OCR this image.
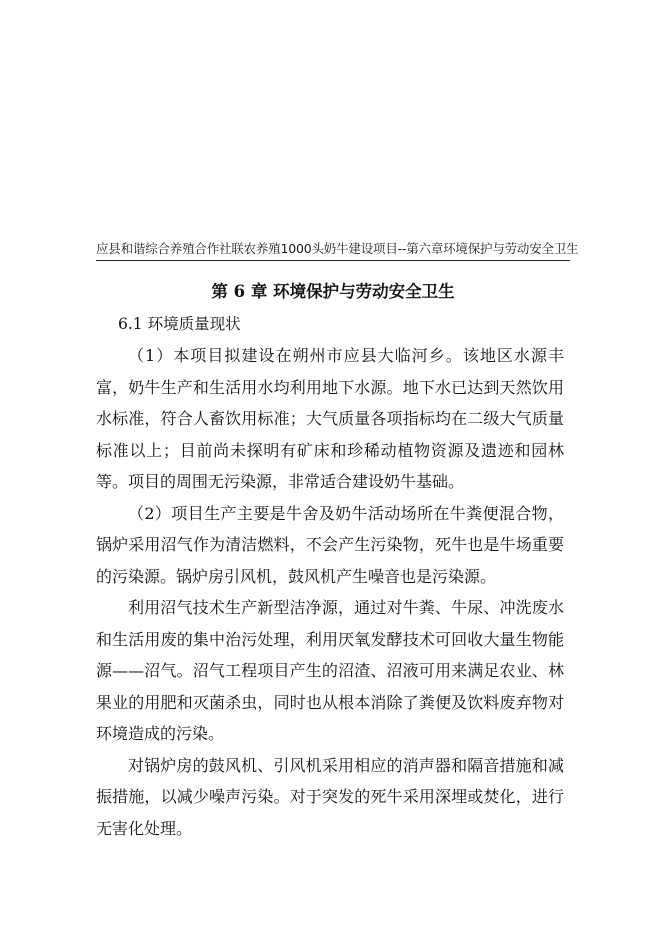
应县和谐综合养殖合作社联农养殖1000头奶牛建设项目--第六章环境保护与劳动安全卫生
第 6 章 环境保护与劳动安全卫生
6.1 环境质量现状

（1）本项目拟建设在朔州市应县大临河乡。该地区水源丰富，奶牛生产和生活用水均利用地下水源。地下水已达到天然饮用水标准，符合人畜饮用标准；大气质量各项指标均在二级大气质量标准以上；目前尚未探明有矿床和珍稀动植物资源及遗迹和园林等。项目的周围无污染源，非常适合建设奶牛基础。

（2）项目生产主要是牛舍及奶牛活动场所在牛粪便混合物，锅炉采用沼气作为清洁燃料，不会产生污染物，死牛也是牛场重要的污染源。锅炉房引风机，鼓风机产生噪音也是污染源。

利用沼气技术生产新型洁净源，通过对牛粪、牛尿、冲洗废水和生活用废的集中治污处理，利用厌氧发酵技术可回收大量生物能源——沼气。沼气工程项目产生的沼渣、沼液可用来满足农业、林果业的用肥和灭菌杀虫，同时也从根本消除了粪便及饮料废弃物对环境造成的污染。

对锅炉房的鼓风机、引风机采用相应的消声器和隔音措施和减振措施，以减少噪声污染。对于突发的死牛采用深埋或焚化，进行无害化处理。
